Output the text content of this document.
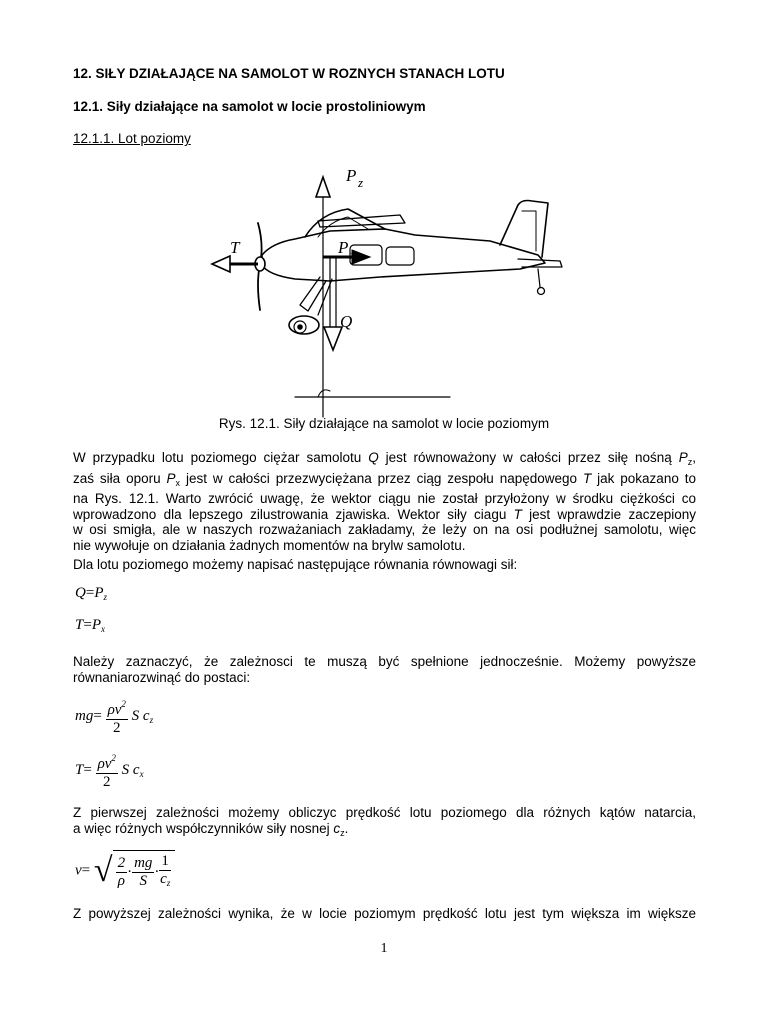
12. SIŁY DZIAŁAJĄCE NA SAMOLOT W ROZNYCH STANACH LOTU
12.1. Siły działające na samolot w locie prostoliniowym
12.1.1. Lot poziomy
T	P x
P z
Q
Rys. 12.1. Siły działające na samolot w locie poziomym
W przypadku lotu poziomego ciężar samolotu Q jest równoważony w całości przez siłę nośną $P_z$,
zaś siła oporu $P_x$ jest w całości przezwyciężana przez ciąg zespołu napędowego T jak pokazano to
na Rys. 12.1. Warto zwrócić uwagę, że wektor ciągu nie został przyłożony w środku ciężkości co
wprowadzono dla lepszego zilustrowania zjawiska. Wektor siły ciagu T jest wprawdzie zaczepiony
w osi smigła, ale w naszych rozważaniach zakładamy, że leży on na osi podłużnej samolotu, więc
nie wywołuje on działania żadnych momentów na brylw samolotu.
Dla lotu poziomego możemy napisać następujące równania równowagi sił:
$Q=P_z$
$T=P_x$
Należy zaznaczyć, że zależnosci te muszą być spełnione jednocześnie. Możemy powyższe
równaniarozwinąć do postaci:
$mg= \frac{\rho v^2}{2}$ S $c_z$
$T= \frac{\rho v^2}{2}$ S $c_x$
Z pierwszej zależności możemy obliczyc prędkość lotu poziomego dla różnych kątów natarcia,
a więc różnych współczynników siły nosnej $c_z$.
v= √ $\frac{2}{\rho} \cdot \frac{mg}{S} \cdot \frac{1}{c_z}$
Z powyższej zależności wynika, że w locie poziomym prędkość lotu jest tym większa im większe
1
